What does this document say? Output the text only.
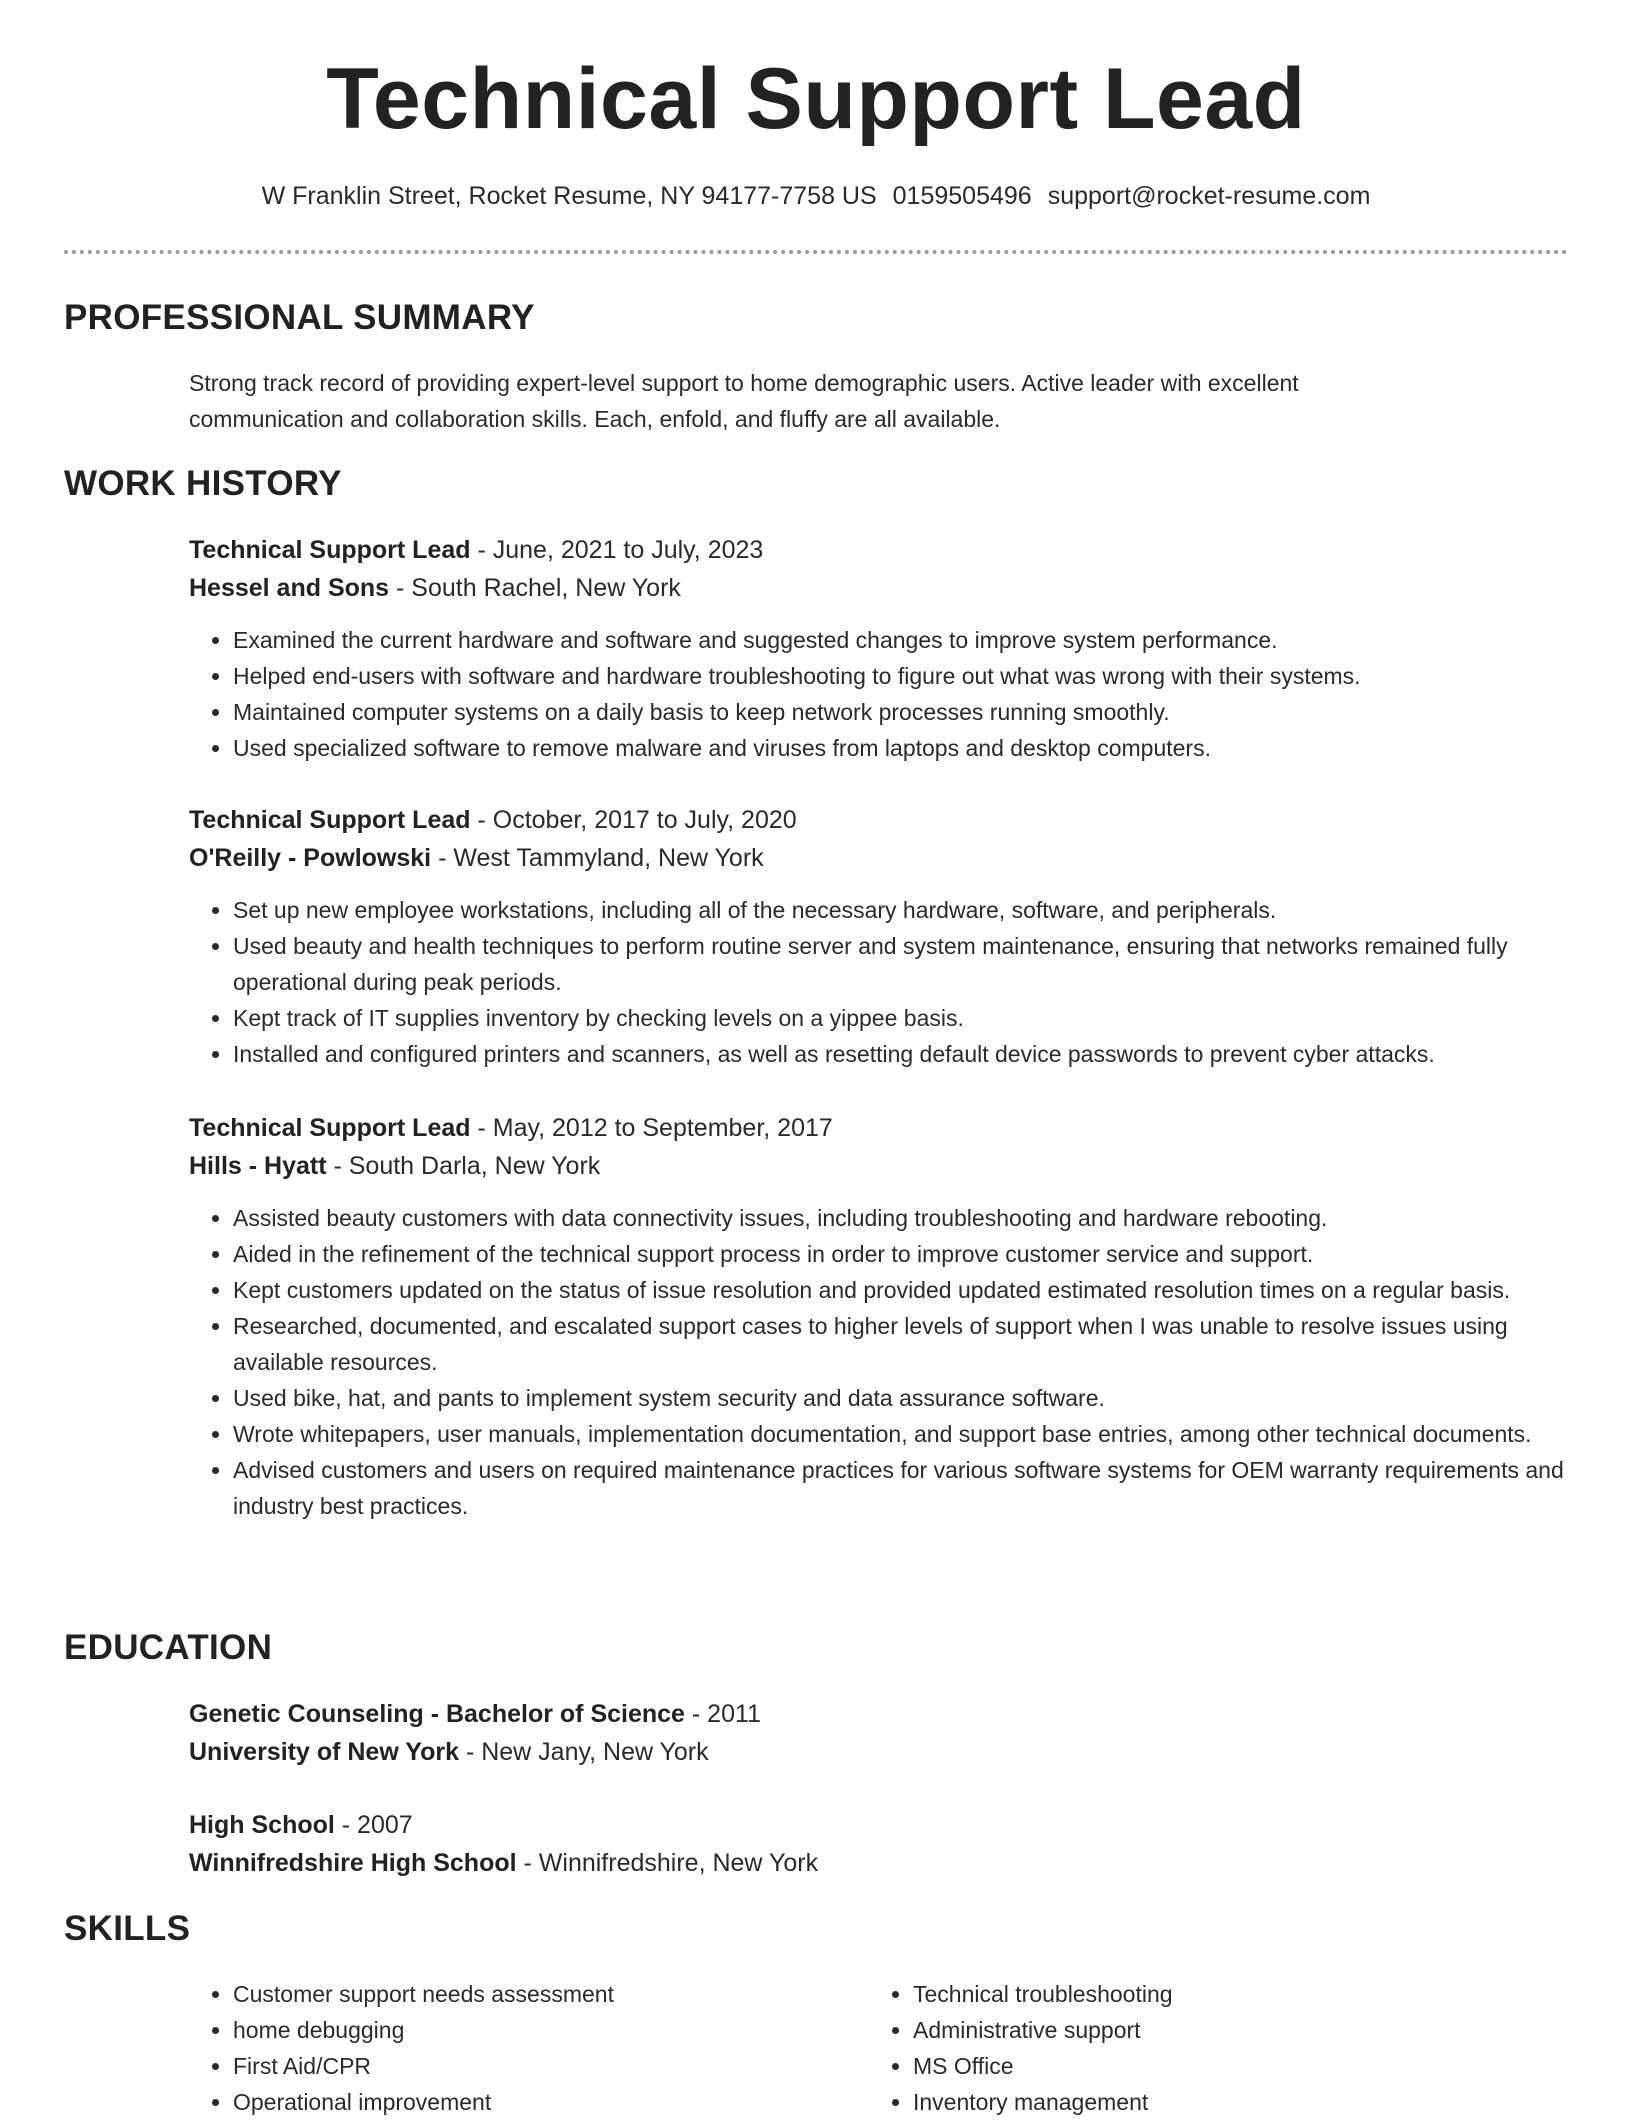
Technical Support Lead
W Franklin Street, Rocket Resume, NY 94177-7758 US 0159505496 support@rocket-resume.com
PROFESSIONAL SUMMARY
Strong track record of providing expert-level support to home demographic users. Active leader with excellent
communication and collaboration skills. Each, enfold, and fluffy are all available.
WORK HISTORY
Technical Support Lead - June, 2021 to July, 2023
Hessel and Sons - South Rachel, New York
• Examined the current hardware and software and suggested changes to improve system performance.
• Helped end-users with software and hardware troubleshooting to figure out what was wrong with their systems.
• Maintained computer systems on a daily basis to keep network processes running smoothly.
• Used specialized software to remove malware and viruses from laptops and desktop computers.
Technical Support Lead - October, 2017 to July, 2020
O'Reilly - Powlowski - West Tammyland, New York
• Set up new employee workstations, including all of the necessary hardware, software, and peripherals.
• Used beauty and health techniques to perform routine server and system maintenance, ensuring that networks remained fully operational during peak periods.
• Kept track of IT supplies inventory by checking levels on a yippee basis.
• Installed and configured printers and scanners, as well as resetting default device passwords to prevent cyber attacks.
Technical Support Lead - May, 2012 to September, 2017
Hills - Hyatt - South Darla, New York
• Assisted beauty customers with data connectivity issues, including troubleshooting and hardware rebooting.
• Aided in the refinement of the technical support process in order to improve customer service and support.
• Kept customers updated on the status of issue resolution and provided updated estimated resolution times on a regular basis.
• Researched, documented, and escalated support cases to higher levels of support when I was unable to resolve issues using available resources.
• Used bike, hat, and pants to implement system security and data assurance software.
• Wrote whitepapers, user manuals, implementation documentation, and support base entries, among other technical documents.
• Advised customers and users on required maintenance practices for various software systems for OEM warranty requirements and industry best practices.
EDUCATION
Genetic Counseling - Bachelor of Science - 2011
University of New York - New Jany, New York
High School - 2007
Winnifredshire High School - Winnifredshire, New York
SKILLS
• Customer support needs assessment
• home debugging
• First Aid/CPR
• Operational improvement
• Technical troubleshooting
• Administrative support
• MS Office
• Inventory management
